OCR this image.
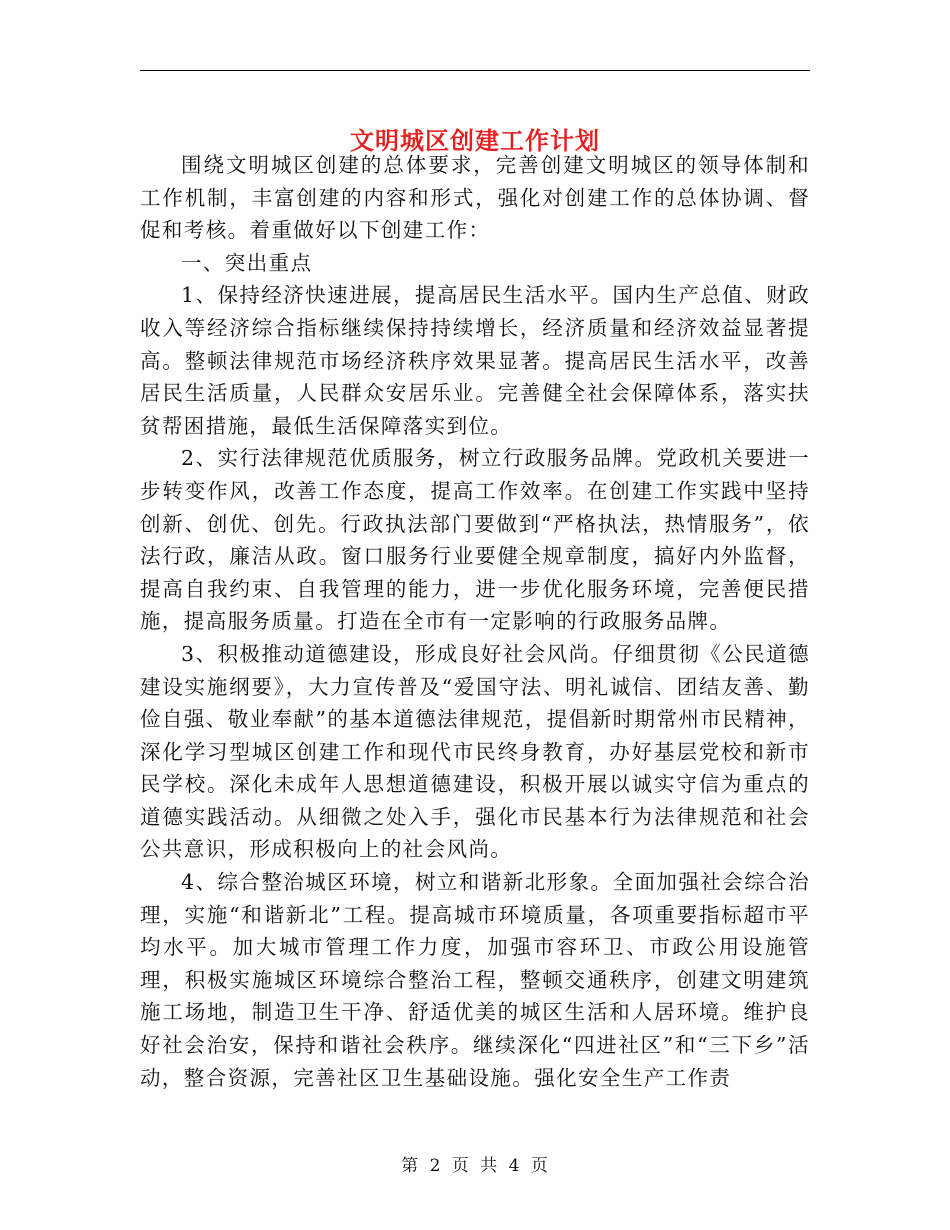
文明城区创建工作计划

围绕文明城区创建的总体要求，完善创建文明城区的领导体制和工作机制，丰富创建的内容和形式，强化对创建工作的总体协调、督促和考核。着重做好以下创建工作：

一、突出重点

1、保持经济快速进展，提高居民生活水平。国内生产总值、财政收入等经济综合指标继续保持持续增长，经济质量和经济效益显著提高。整顿法律规范市场经济秩序效果显著。提高居民生活水平，改善居民生活质量，人民群众安居乐业。完善健全社会保障体系，落实扶贫帮困措施，最低生活保障落实到位。

2、实行法律规范优质服务，树立行政服务品牌。党政机关要进一步转变作风，改善工作态度，提高工作效率。在创建工作实践中坚持创新、创优、创先。行政执法部门要做到“严格执法，热情服务”，依法行政，廉洁从政。窗口服务行业要健全规章制度，搞好内外监督，提高自我约束、自我管理的能力，进一步优化服务环境，完善便民措施，提高服务质量。打造在全市有一定影响的行政服务品牌。

3、积极推动道德建设，形成良好社会风尚。仔细贯彻《公民道德建设实施纲要》，大力宣传普及“爱国守法、明礼诚信、团结友善、勤俭自强、敬业奉献”的基本道德法律规范，提倡新时期常州市民精神，深化学习型城区创建工作和现代市民终身教育，办好基层党校和新市民学校。深化未成年人思想道德建设，积极开展以诚实守信为重点的道德实践活动。从细微之处入手，强化市民基本行为法律规范和社会公共意识，形成积极向上的社会风尚。

4、综合整治城区环境，树立和谐新北形象。全面加强社会综合治理，实施“和谐新北”工程。提高城市环境质量，各项重要指标超市平均水平。加大城市管理工作力度，加强市容环卫、市政公用设施管理，积极实施城区环境综合整治工程，整顿交通秩序，创建文明建筑施工场地，制造卫生干净、舒适优美的城区生活和人居环境。维护良好社会治安，保持和谐社会秩序。继续深化“四进社区”和“三下乡”活动，整合资源，完善社区卫生基础设施。强化安全生产工作责

第 2 页 共 4 页
